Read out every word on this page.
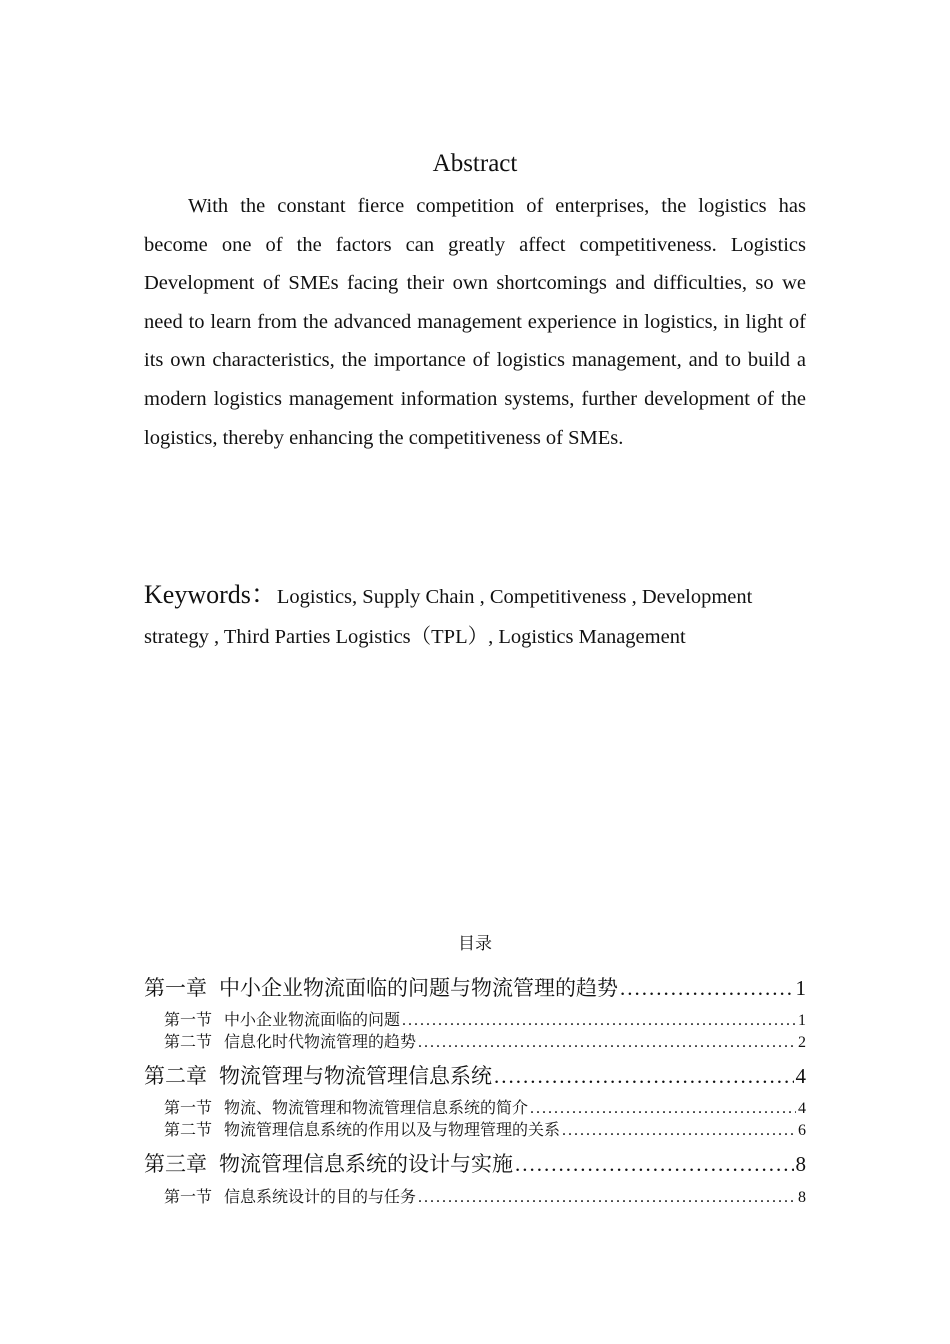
Abstract

With the constant fierce competition of enterprises, the logistics has become one of the factors can greatly affect competitiveness. Logistics Development of SMEs facing their own shortcomings and difficulties, so we need to learn from the advanced management experience in logistics, in light of its own characteristics, the importance of logistics management, and to build a modern logistics management information systems, further development of the logistics, thereby enhancing the competitiveness of SMEs.

Keywords：Logistics, Supply Chain , Competitiveness , Development strategy , Third Parties Logistics（TPL）, Logistics Management
目录
第一章 中小企业物流面临的问题与物流管理的趋势 .....	1
第一节 中小企业物流面临的问题 .....	1
第二节 信息化时代物流管理的趋势 .....	2
第二章 物流管理与物流管理信息系统 .....	4
第一节 物流、物流管理和物流管理信息系统的简介 .....	4
第二节 物流管理信息系统的作用以及与物理管理的关系 .....	6
第三章 物流管理信息系统的设计与实施 .....	8
第一节 信息系统设计的目的与任务 .....	8
